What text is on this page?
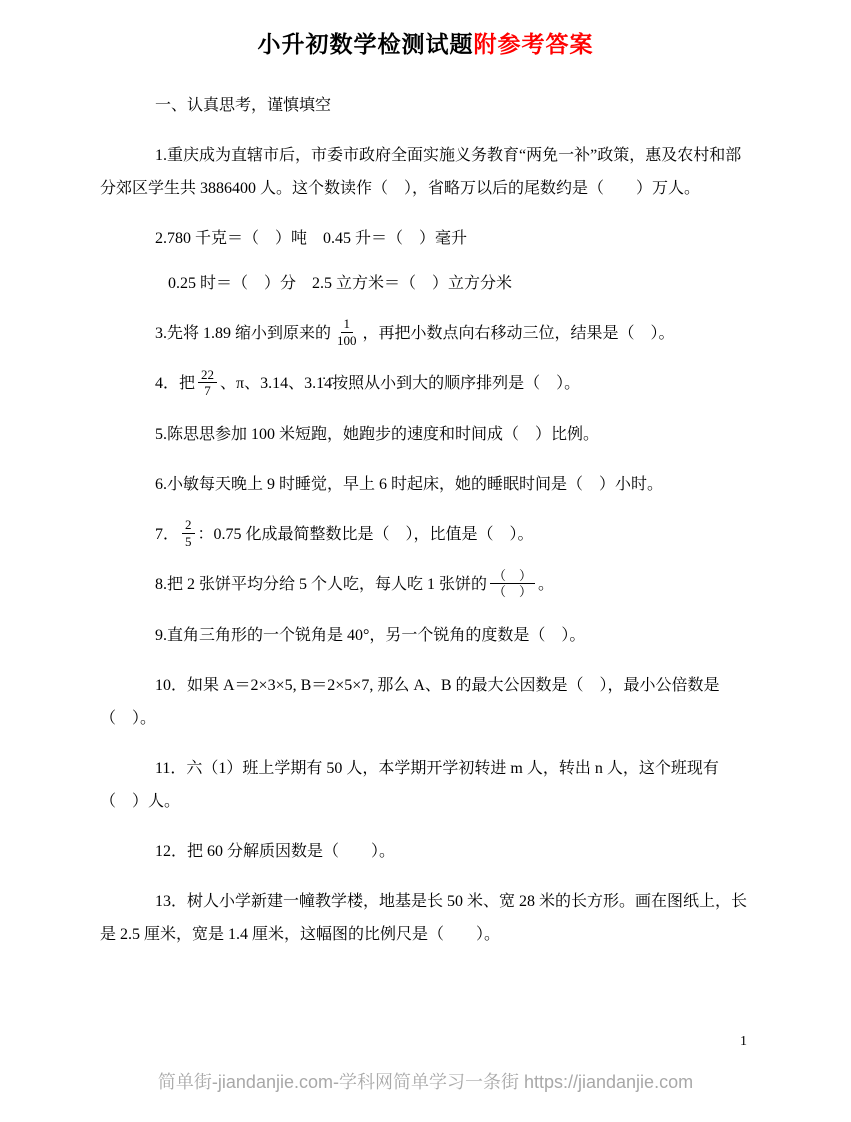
小升初数学检测试题附参考答案

一、认真思考，谨慎填空

1.重庆成为直辖市后，市委市政府全面实施义务教育“两免一补”政策，惠及农村和部分郊区学生共 3886400 人。这个数读作（　），省略万以后的尾数约是（　　）万人。

2.780 千克＝（　）吨　0.45 升＝（　）毫升

0.25 时＝（　）分　2.5 立方米＝（　）立方分米

3.先将 1.89 缩小到原来的 $\frac{1}{100}$ ，再把小数点向右移动三位，结果是（　）。

4．把 $\frac{22}{7}$ 、π、3.14、3.1̇4̇按照从小到大的顺序排列是（　）。

5.陈思思参加 100 米短跑，她跑步的速度和时间成（　）比例。

6.小敏每天晚上 9 时睡觉，早上 6 时起床，她的睡眠时间是（　）小时。

7． $\frac{2}{5}$ ：0.75 化成最简整数比是（　），比值是（　）。

8.把 2 张饼平均分给 5 个人吃，每人吃 1 张饼的 $\frac{( )}{( )}$ 。

9.直角三角形的一个锐角是 40°，另一个锐角的度数是（　）。

10．如果 A＝2×3×5, B＝2×5×7, 那么 A、B 的最大公因数是（　），最小公倍数是（　）。

11．六（1）班上学期有 50 人，本学期开学初转进 m 人，转出 n 人，这个班现有（　）人。

12．把 60 分解质因数是（　　）。

13．树人小学新建一幢教学楼，地基是长 50 米、宽 28 米的长方形。画在图纸上，长是 2.5 厘米，宽是 1.4 厘米，这幅图的比例尺是（　　）。

1
简单街-jiandanjie.com-学科网简单学习一条街 https://jiandanjie.com
